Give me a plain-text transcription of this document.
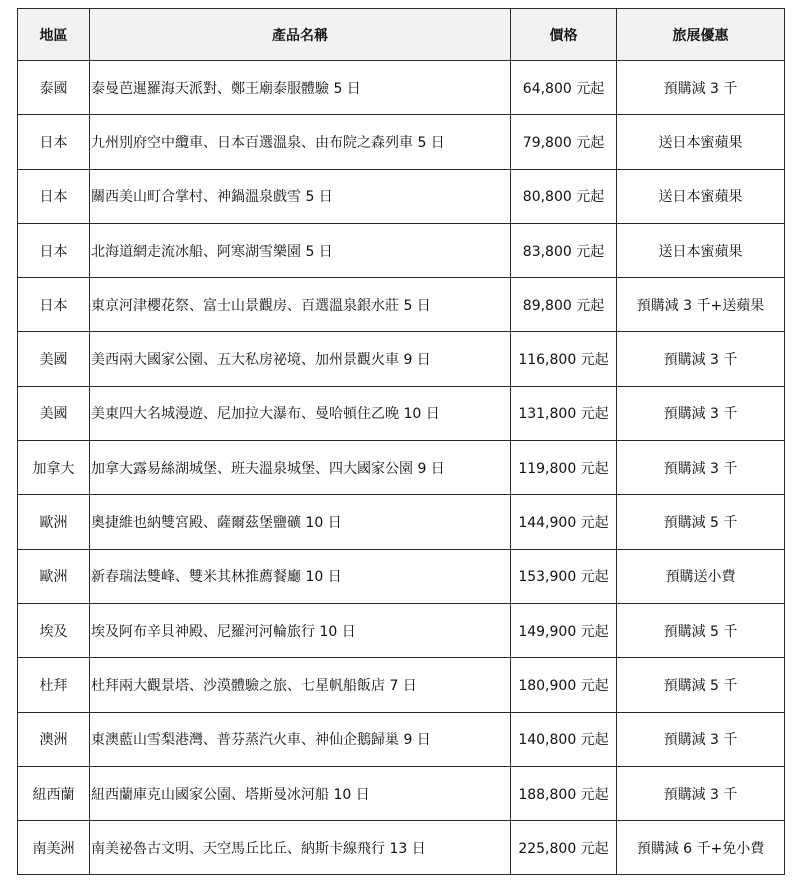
地區	產品名稱	價格	旅展優惠
泰國	泰曼芭暹羅海天派對、鄭王廟泰服體驗 5 日	64,800 元起	預購減 3 千
日本	九州別府空中纜車、日本百選溫泉、由布院之森列車 5 日	79,800 元起	送日本蜜蘋果
日本	關西美山町合掌村、神鍋溫泉戲雪 5 日	80,800 元起	送日本蜜蘋果
日本	北海道網走流冰船、阿寒湖雪樂園 5 日	83,800 元起	送日本蜜蘋果
日本	東京河津櫻花祭、富士山景觀房、百選溫泉銀水莊 5 日	89,800 元起	預購減 3 千+送蘋果
美國	美西兩大國家公園、五大私房祕境、加州景觀火車 9 日	116,800 元起	預購減 3 千
美國	美東四大名城漫遊、尼加拉大瀑布、曼哈頓住乙晚 10 日	131,800 元起	預購減 3 千
加拿大	加拿大露易絲湖城堡、班夫溫泉城堡、四大國家公園 9 日	119,800 元起	預購減 3 千
歐洲	奧捷維也納雙宮殿、薩爾茲堡鹽礦 10 日	144,900 元起	預購減 5 千
歐洲	新春瑞法雙峰、雙米其林推薦餐廳 10 日	153,900 元起	預購送小費
埃及	埃及阿布辛貝神殿、尼羅河河輪旅行 10 日	149,900 元起	預購減 5 千
杜拜	杜拜兩大觀景塔、沙漠體驗之旅、七星帆船飯店 7 日	180,900 元起	預購減 5 千
澳洲	東澳藍山雪梨港灣、普芬蒸汽火車、神仙企鵝歸巢 9 日	140,800 元起	預購減 3 千
紐西蘭	紐西蘭庫克山國家公園、塔斯曼冰河船 10 日	188,800 元起	預購減 3 千
南美洲	南美祕魯古文明、天空馬丘比丘、納斯卡線飛行 13 日	225,800 元起	預購減 6 千+免小費
